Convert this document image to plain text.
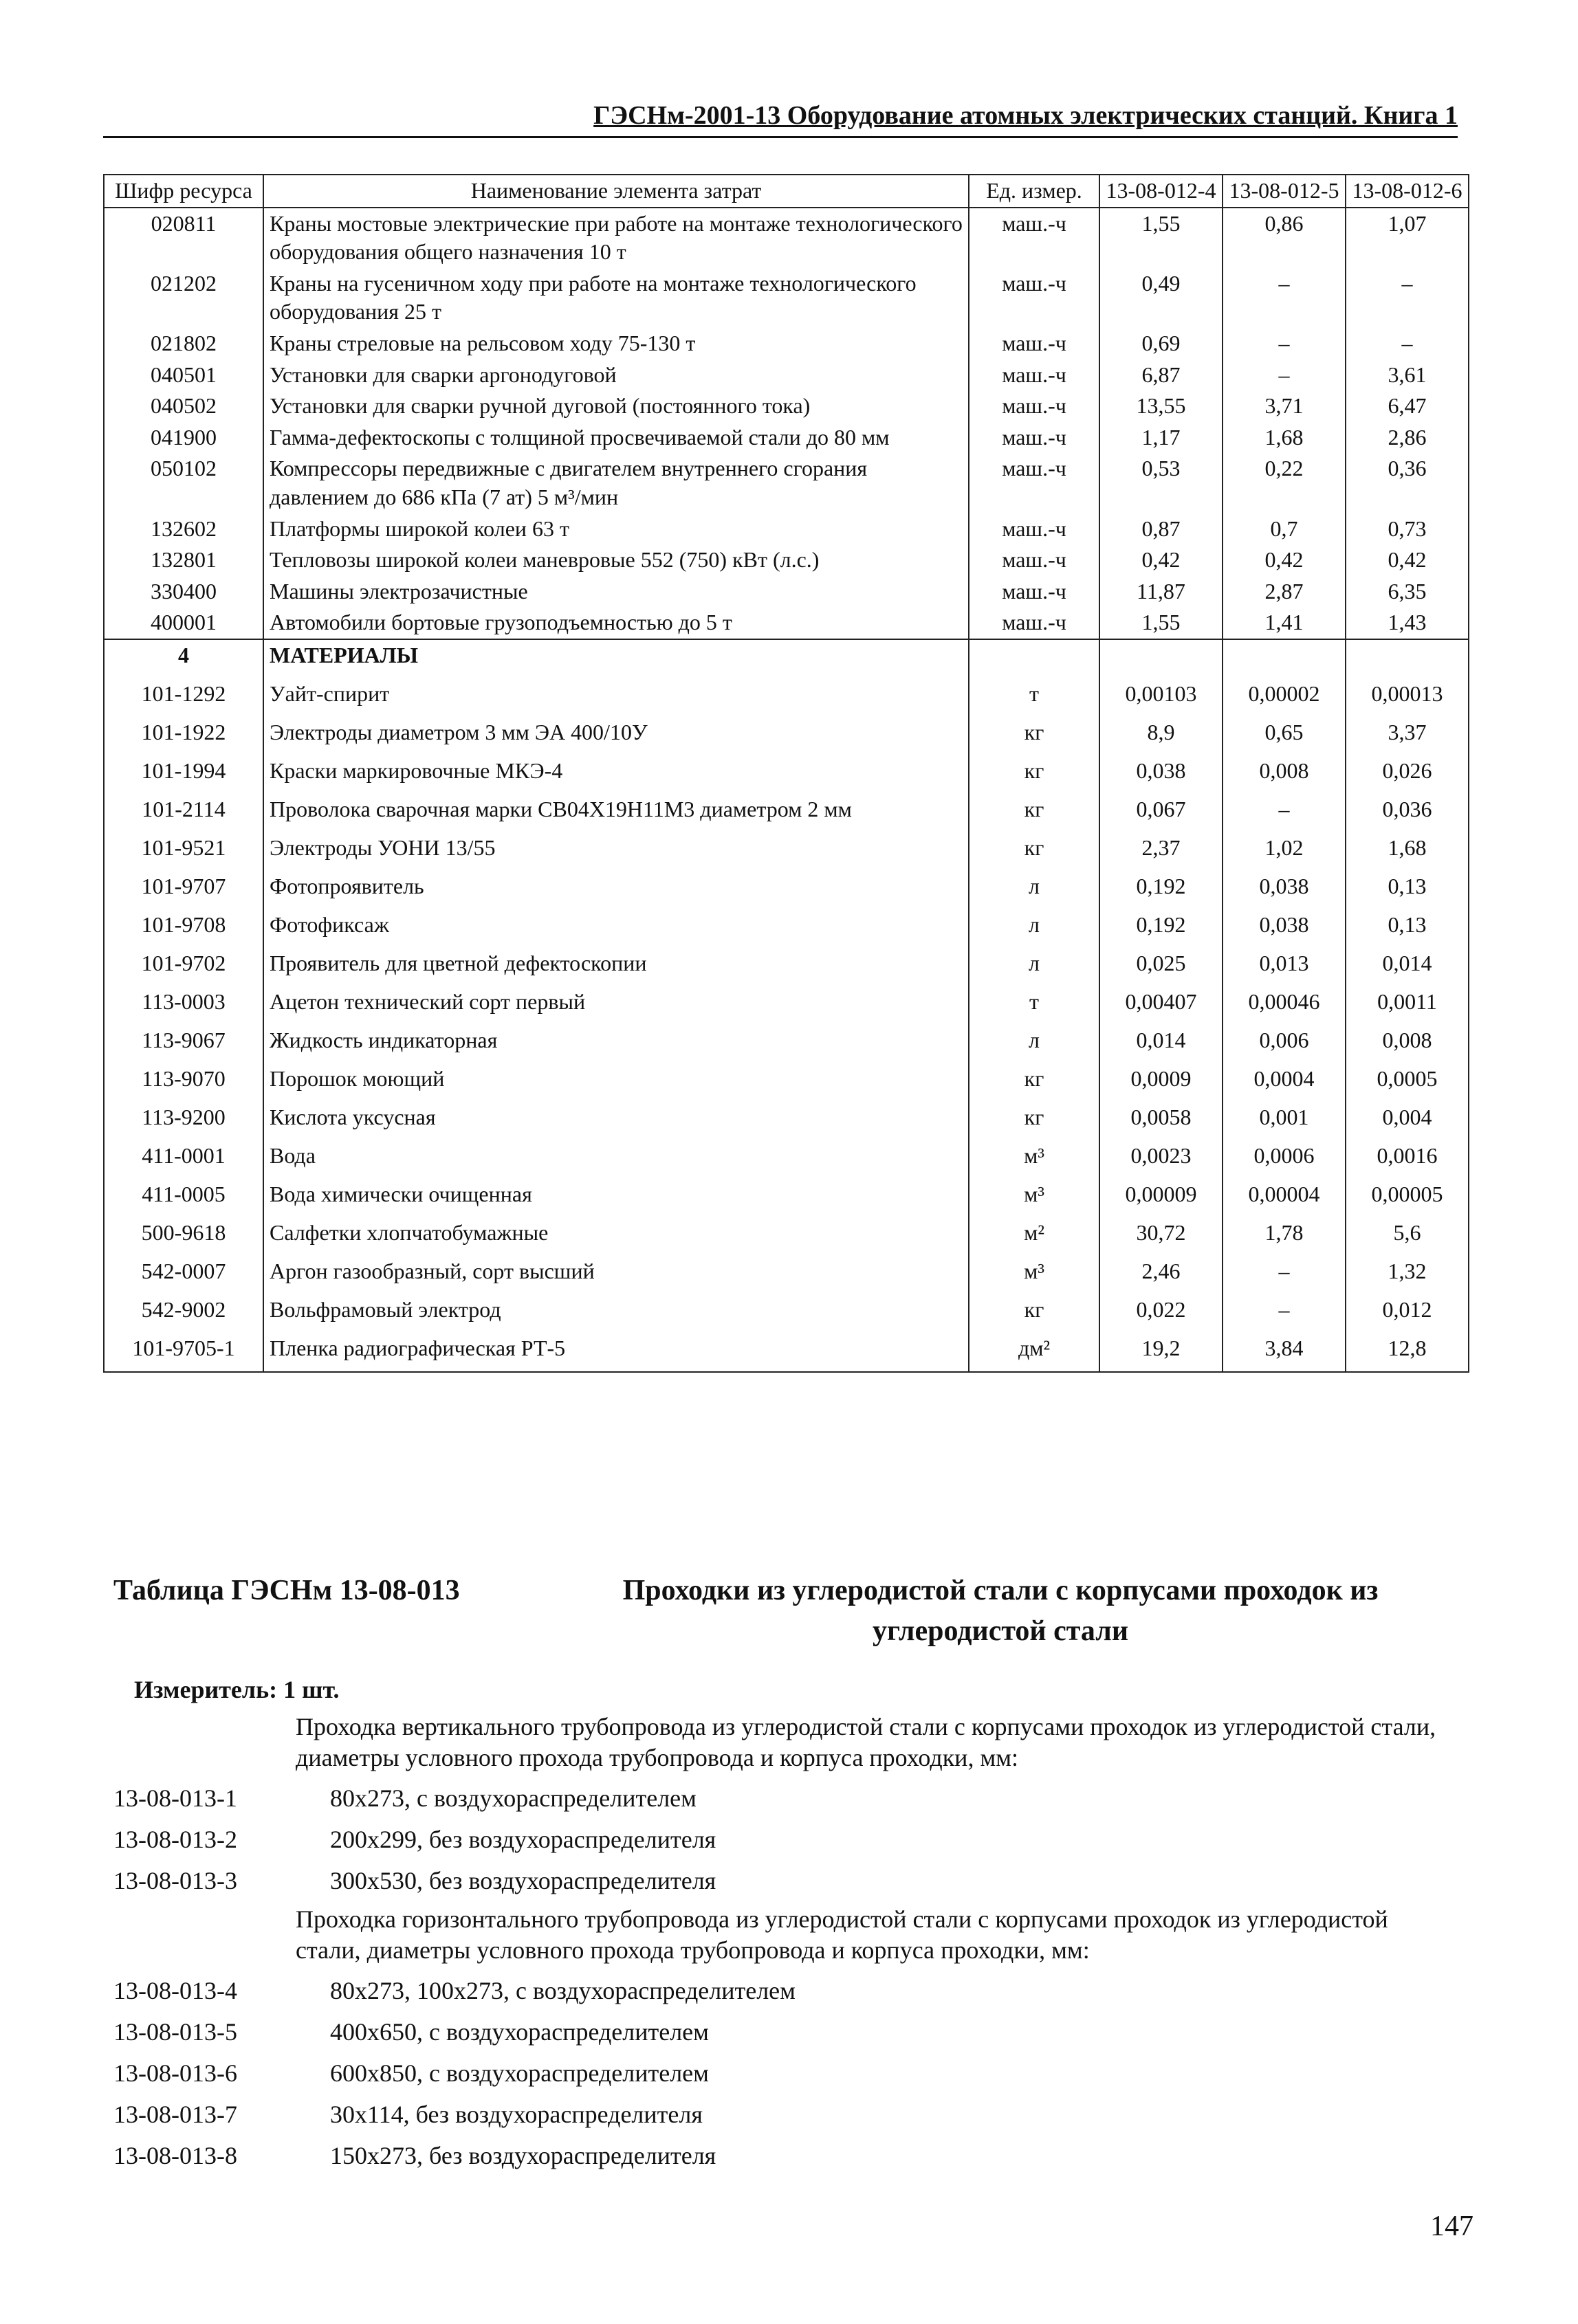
ГЭСНм-2001-13 Оборудование атомных электрических станций. Книга 1
Шифр ресурса	Наименование элемента затрат	Ед. измер.	13-08-012-4	13-08-012-5	13-08-012-6
020811	Краны мостовые электрические при работе на монтаже технологического оборудования общего назначения 10 т	маш.-ч	1,55	0,86	1,07
021202	Краны на гусеничном ходу при работе на монтаже технологического оборудования 25 т	маш.-ч	0,49	–	–
021802	Краны стреловые на рельсовом ходу 75-130 т	маш.-ч	0,69	–	–
040501	Установки для сварки аргонодуговой	маш.-ч	6,87	–	3,61
040502	Установки для сварки ручной дуговой (постоянного тока)	маш.-ч	13,55	3,71	6,47
041900	Гамма-дефектоскопы с толщиной просвечиваемой стали до 80 мм	маш.-ч	1,17	1,68	2,86
050102	Компрессоры передвижные с двигателем внутреннего сгорания давлением до 686 кПа (7 ат) 5 м³/мин	маш.-ч	0,53	0,22	0,36
132602	Платформы широкой колеи 63 т	маш.-ч	0,87	0,7	0,73
132801	Тепловозы широкой колеи маневровые 552 (750) кВт (л.с.)	маш.-ч	0,42	0,42	0,42
330400	Машины электрозачистные	маш.-ч	11,87	2,87	6,35
400001	Автомобили бортовые грузоподъемностью до 5 т	маш.-ч	1,55	1,41	1,43
4	МАТЕРИАЛЫ				
101-1292	Уайт-спирит	т	0,00103	0,00002	0,00013
101-1922	Электроды диаметром 3 мм ЭА 400/10У	кг	8,9	0,65	3,37
101-1994	Краски маркировочные МКЭ-4	кг	0,038	0,008	0,026
101-2114	Проволока сварочная марки СВ04Х19Н11М3 диаметром 2 мм	кг	0,067	–	0,036
101-9521	Электроды УОНИ 13/55	кг	2,37	1,02	1,68
101-9707	Фотопроявитель	л	0,192	0,038	0,13
101-9708	Фотофиксаж	л	0,192	0,038	0,13
101-9702	Проявитель для цветной дефектоскопии	л	0,025	0,013	0,014
113-0003	Ацетон технический сорт первый	т	0,00407	0,00046	0,0011
113-9067	Жидкость индикаторная	л	0,014	0,006	0,008
113-9070	Порошок моющий	кг	0,0009	0,0004	0,0005
113-9200	Кислота уксусная	кг	0,0058	0,001	0,004
411-0001	Вода	м³	0,0023	0,0006	0,0016
411-0005	Вода химически очищенная	м³	0,00009	0,00004	0,00005
500-9618	Салфетки хлопчатобумажные	м²	30,72	1,78	5,6
542-0007	Аргон газообразный, сорт высший	м³	2,46	–	1,32
542-9002	Вольфрамовый электрод	кг	0,022	–	0,012
101-9705-1	Пленка радиографическая РТ-5	дм²	19,2	3,84	12,8
Таблица ГЭСНм 13-08-013	Проходки из углеродистой стали с корпусами проходок из углеродистой стали
Измеритель: 1 шт.
Проходка вертикального трубопровода из углеродистой стали с корпусами проходок из углеродистой стали, диаметры условного прохода трубопровода и корпуса проходки, мм:
13-08-013-1	80х273, с воздухораспределителем
13-08-013-2	200х299, без воздухораспределителя
13-08-013-3	300х530, без воздухораспределителя
Проходка горизонтального трубопровода из углеродистой стали с корпусами проходок из углеродистой стали, диаметры условного прохода трубопровода и корпуса проходки, мм:
13-08-013-4	80х273, 100х273, с воздухораспределителем
13-08-013-5	400х650, с воздухораспределителем
13-08-013-6	600х850, с воздухораспределителем
13-08-013-7	30х114, без воздухораспределителя
13-08-013-8	150х273, без воздухораспределителя
147
